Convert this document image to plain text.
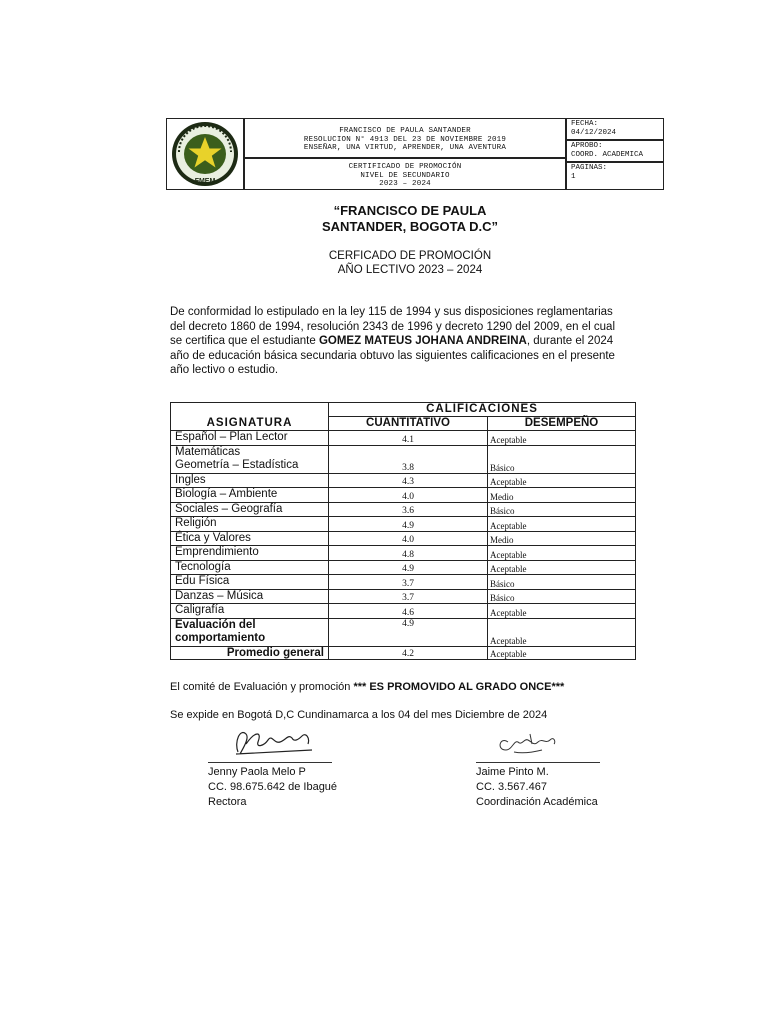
FMEM
FRANCISCO DE PAULA SANTANDER
RESOLUCION N° 4913 DEL 23 DE NOVIEMBRE 2019
ENSEÑAR, UNA VIRTUD, APRENDER, UNA AVENTURA
CERTIFICADO DE PROMOCIÓN
NIVEL DE SECUNDARIO
2023 – 2024
FECHA:
04/12/2024
APROBO:
COORD. ACADEMICA
PAGINAS:
1
“FRANCISCO DE PAULA
SANTANDER, BOGOTA D.C”
CERFICADO DE PROMOCIÓN
AÑO LECTIVO 2023 – 2024
De conformidad lo estipulado en la ley 115 de 1994 y sus disposiciones reglamentarias del decreto 1860 de 1994, resolución 2343 de 1996 y decreto 1290 del 2009, en el cual se certifica que el estudiante GOMEZ MATEUS JOHANA ANDREINA, durante el 2024 año de educación básica secundaria obtuvo las siguientes calificaciones en el presente año lectivo o estudio.
ASIGNATURA	CALIFICACIONES	
	CUANTITATIVO	DESEMPEÑO

Español – Plan Lector	4.1	Aceptable

Matemáticas
Geometría – Estadística	3.8	Básico

Ingles	4.3	Aceptable

Biología – Ambiente	4.0	Medio

Sociales – Geografía	3.6	Básico

Religión	4.9	Aceptable

Ética y Valores	4.0	Medio

Emprendimiento	4.8	Aceptable

Tecnología	4.9	Aceptable

Edu Física	3.7	Básico

Danzas – Música	3.7	Básico

Caligrafía	4.6	Aceptable

Evaluación del
comportamiento	4.9	Aceptable
Promedio general	4.2	Aceptable
El comité de Evaluación y promoción *** ES PROMOVIDO AL GRADO ONCE***
Se expide en Bogotá D,C Cundinamarca a los 04 del mes Diciembre de 2024
Jenny Paola Melo P
CC. 98.675.642 de Ibagué
Rectora
Jaime Pinto M.
CC. 3.567.467
Coordinación Académica
